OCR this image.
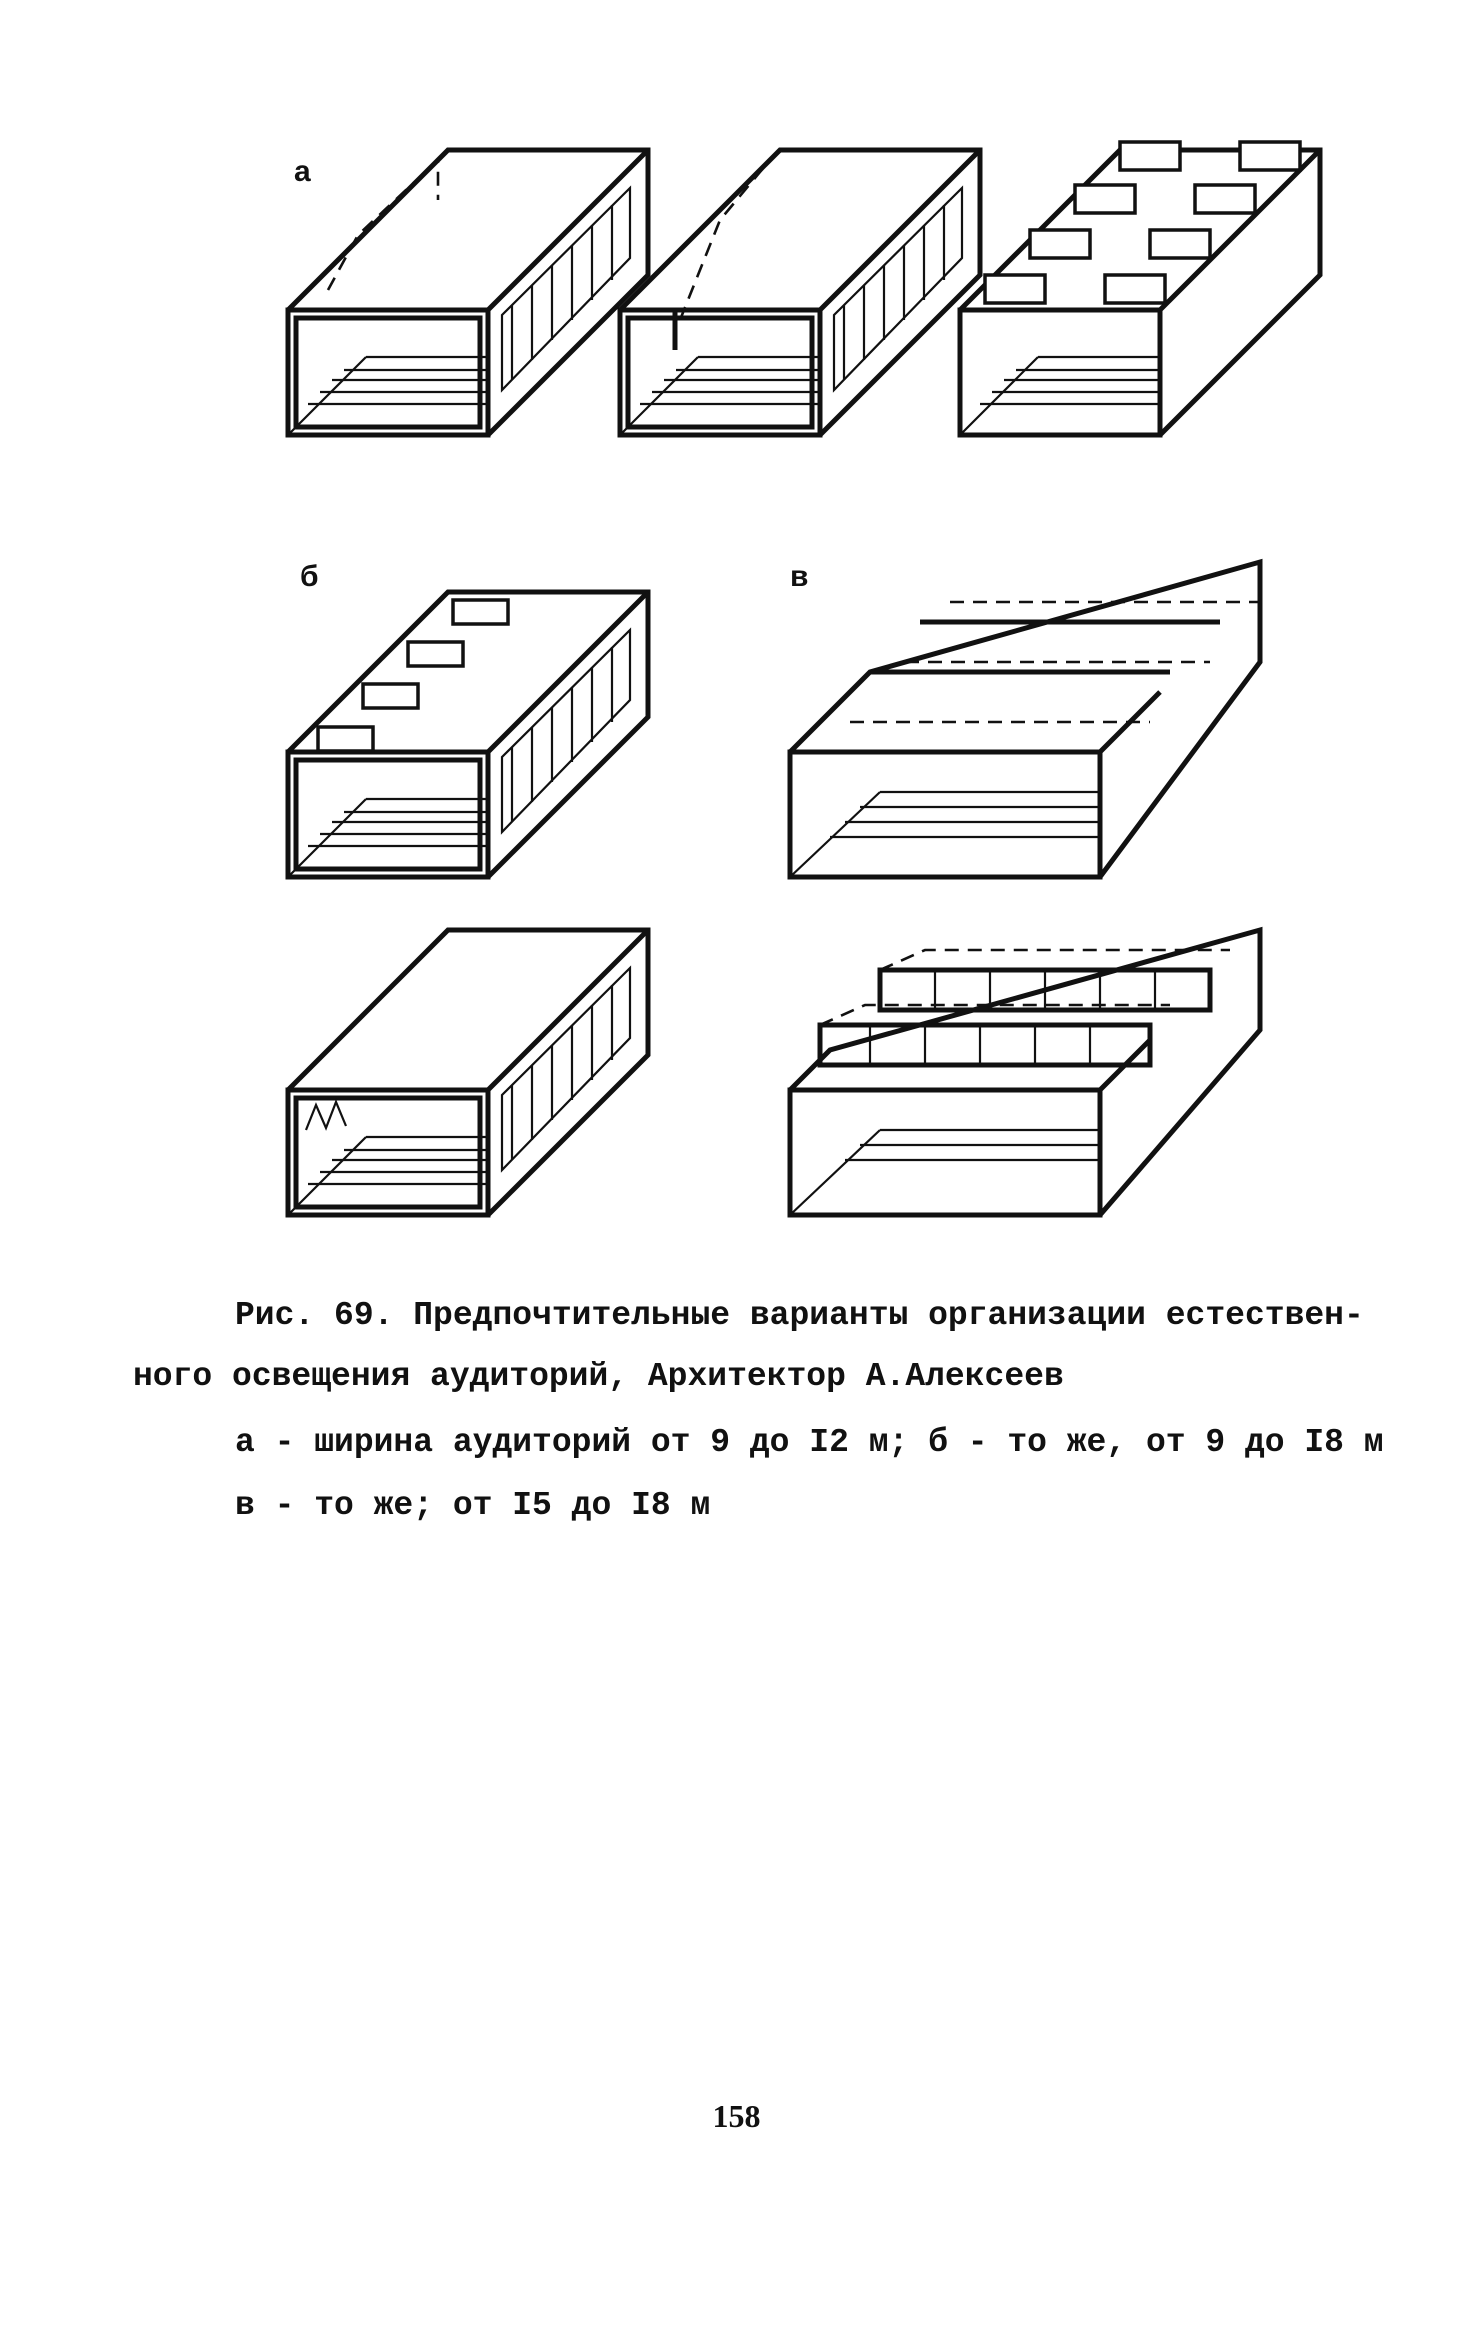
а
б	в
Рис. 69. Предпочтительные варианты организации естествен-
ного освещения аудиторий, Архитектор А.Алексеев
а - ширина аудиторий от 9 до I2 м; б - то же, от 9 до I8 м
в - то же; от I5 до I8 м
158
